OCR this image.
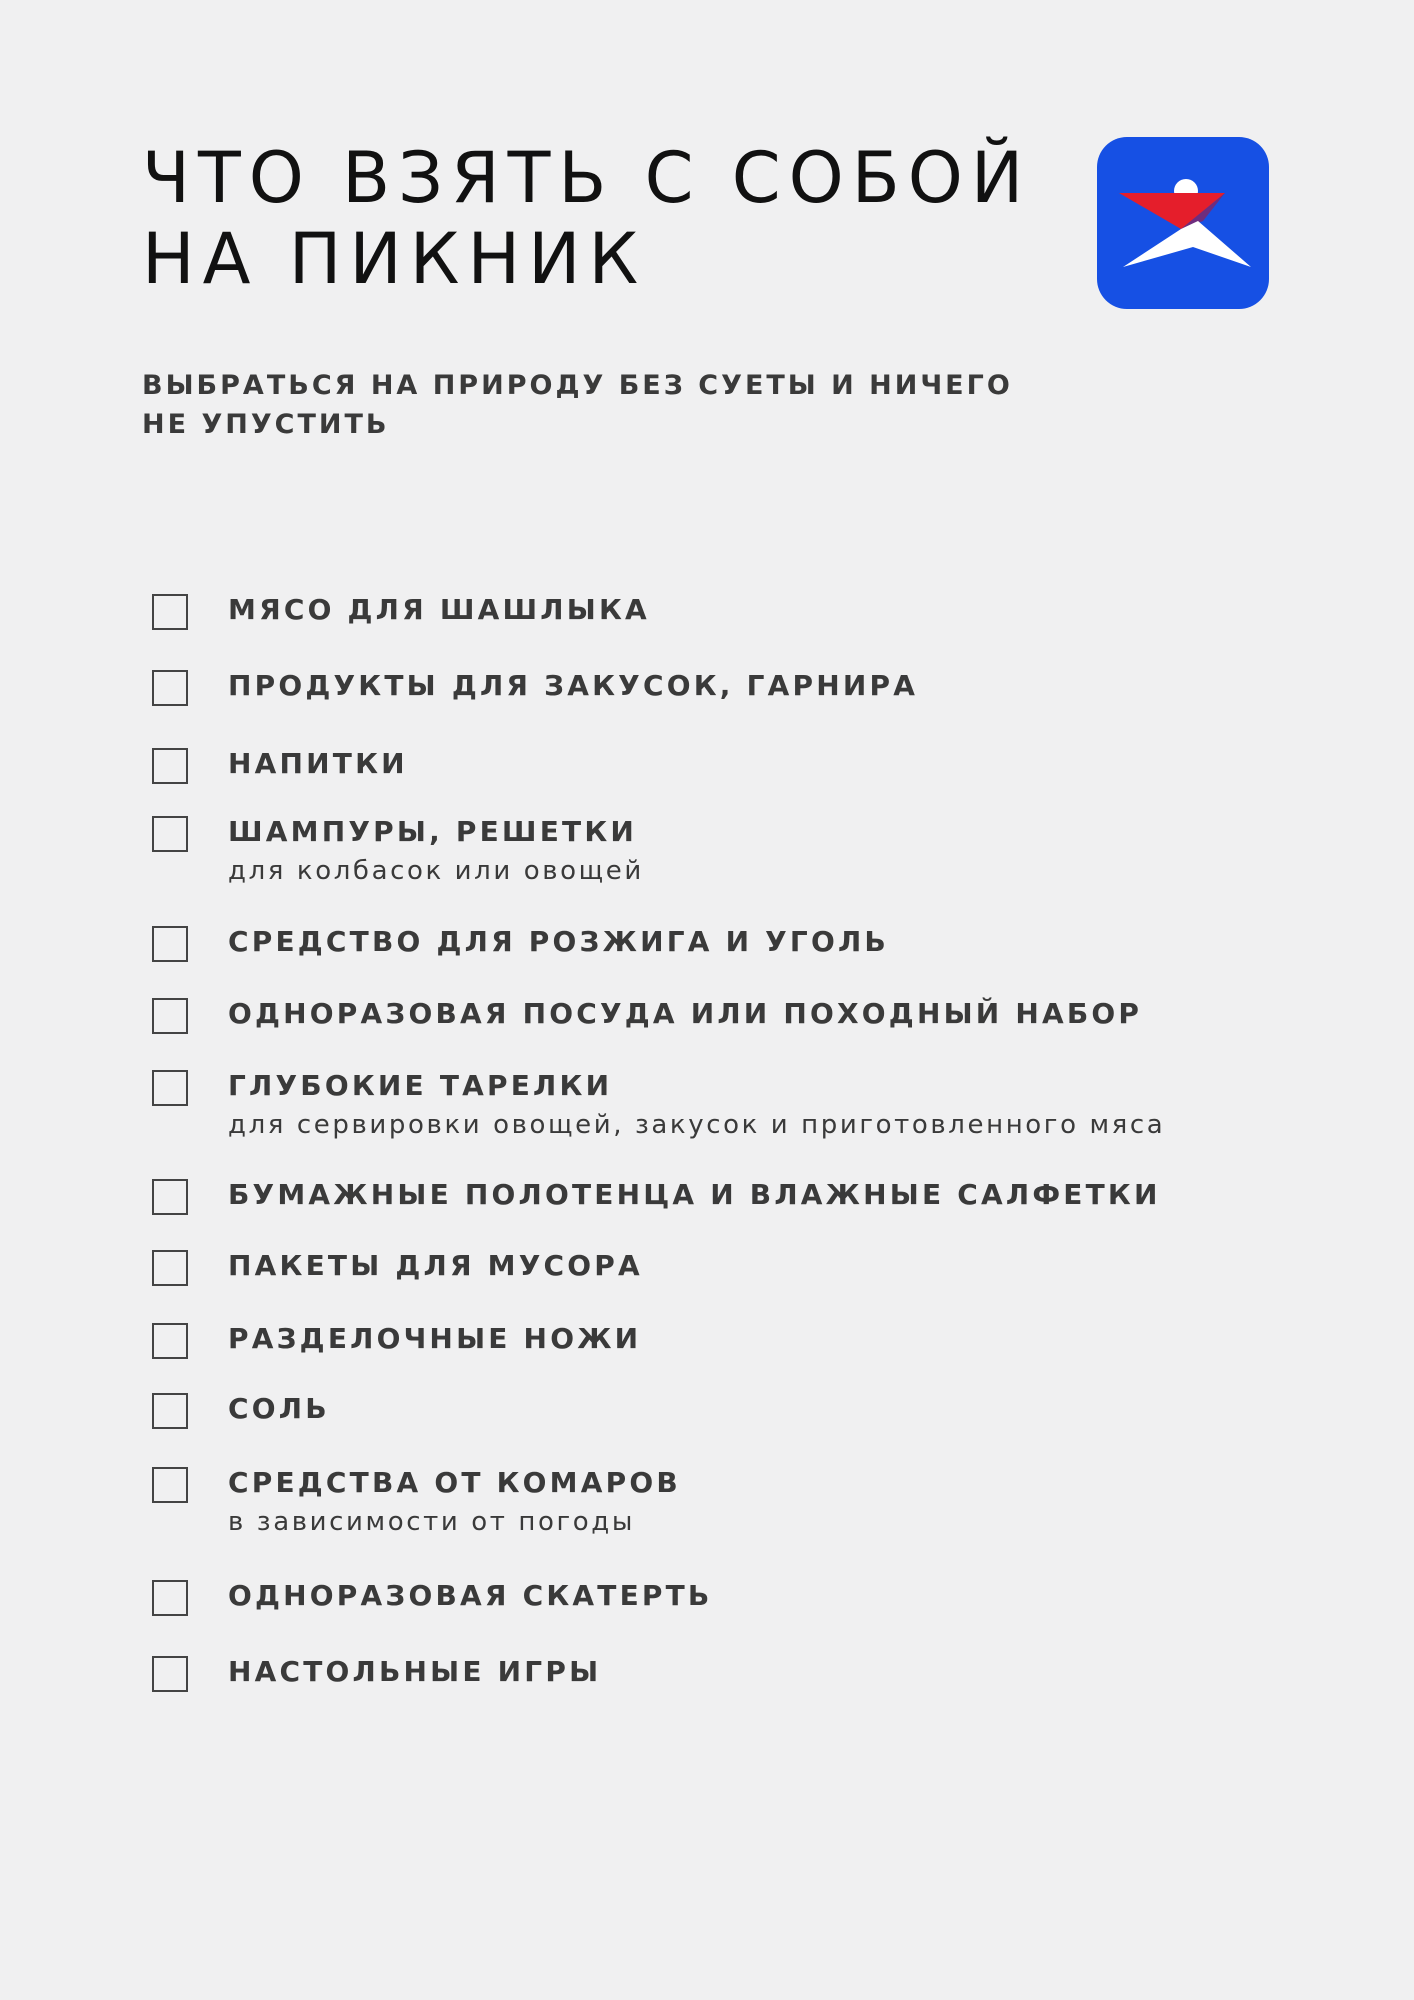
ЧТО ВЗЯТЬ С СОБОЙ
НА ПИКНИК
ВЫБРАТЬСЯ НА ПРИРОДУ БЕЗ СУЕТЫ И НИЧЕГО
НЕ УПУСТИТЬ
МЯСО ДЛЯ ШАШЛЫКА
ПРОДУКТЫ ДЛЯ ЗАКУСОК, ГАРНИРА
НАПИТКИ
ШАМПУРЫ, РЕШЕТКИ
для колбасок или овощей
СРЕДСТВО ДЛЯ РОЗЖИГА И УГОЛЬ
ОДНОРАЗОВАЯ ПОСУДА ИЛИ ПОХОДНЫЙ НАБОР
ГЛУБОКИЕ ТАРЕЛКИ
для сервировки овощей, закусок и приготовленного мяса
БУМАЖНЫЕ ПОЛОТЕНЦА И ВЛАЖНЫЕ САЛФЕТКИ
ПАКЕТЫ ДЛЯ МУСОРА
РАЗДЕЛОЧНЫЕ НОЖИ
СОЛЬ
СРЕДСТВА ОТ КОМАРОВ
в зависимости от погоды
ОДНОРАЗОВАЯ СКАТЕРТЬ
НАСТОЛЬНЫЕ ИГРЫ
